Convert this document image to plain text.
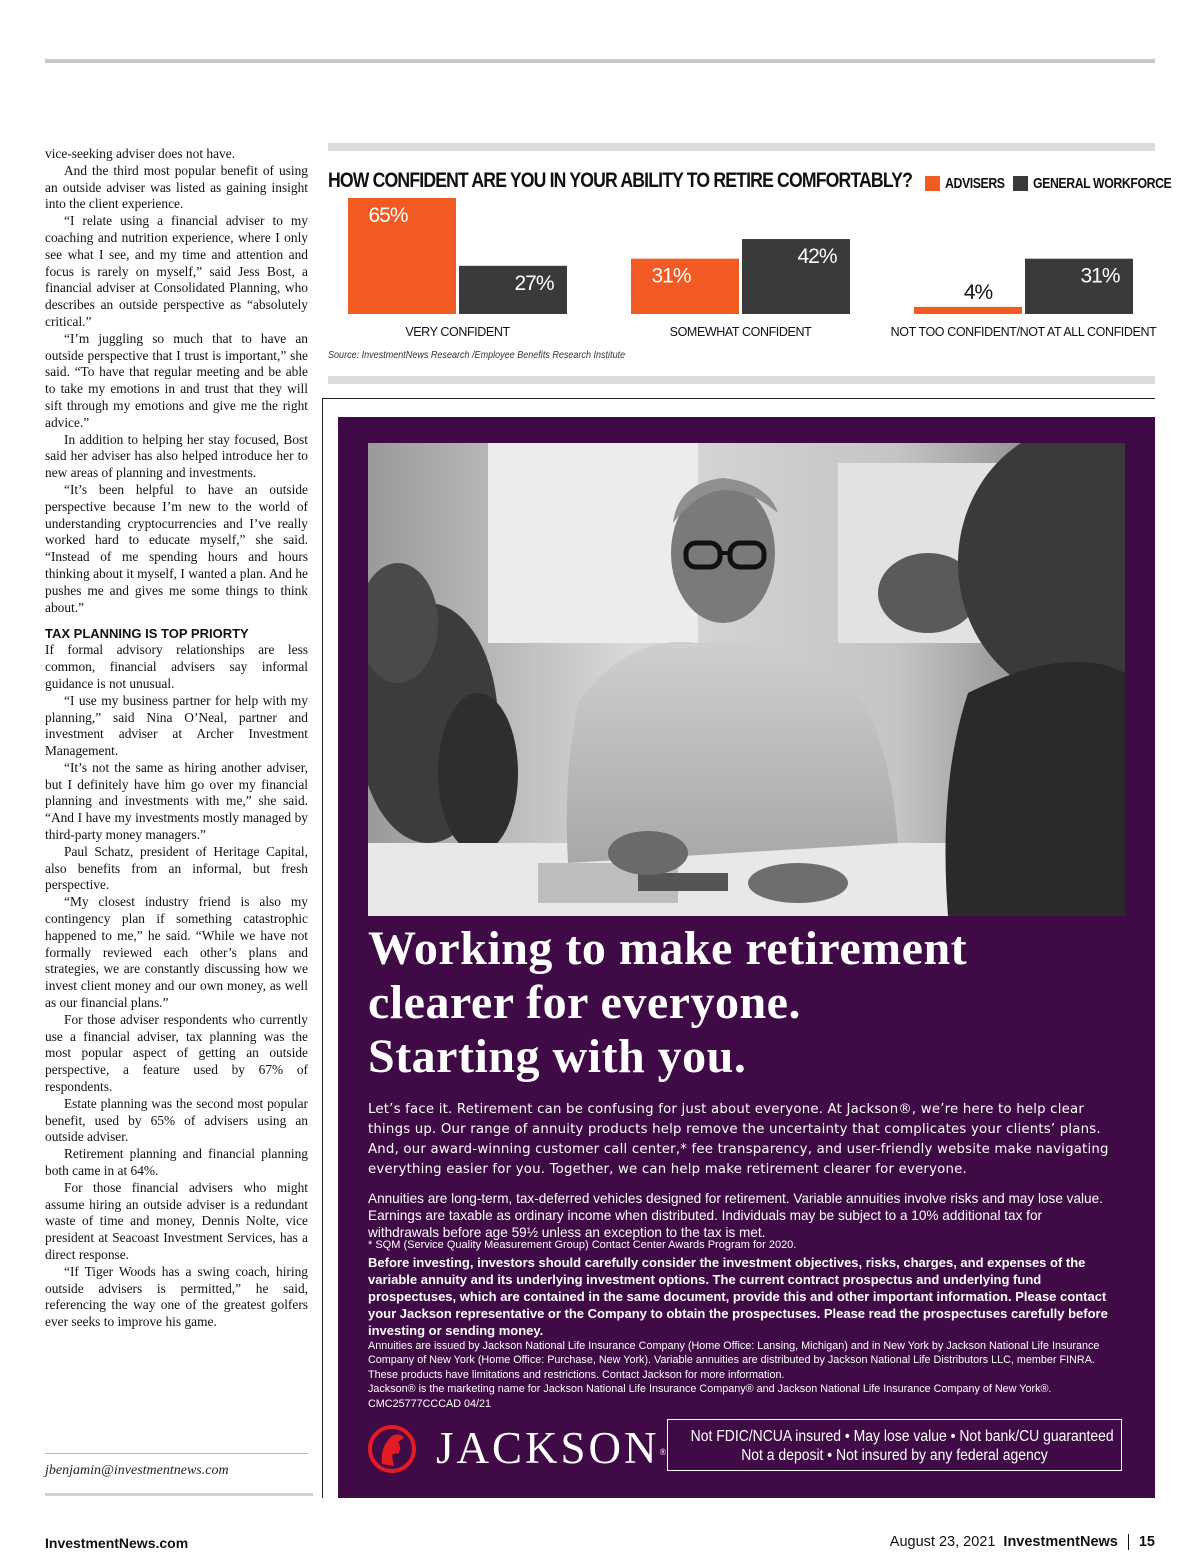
vice-seeking adviser does not have.

And the third most popular benefit of using an outside adviser was listed as gaining insight into the client experience.

“I relate using a financial adviser to my coaching and nutrition experience, where I only see what I see, and my time and attention and focus is rarely on myself,” said Jess Bost, a financial adviser at Consolidated Planning, who describes an outside perspective as “absolutely critical.”

“I’m juggling so much that to have an outside perspective that I trust is important,” she said. “To have that regular meeting and be able to take my emotions in and trust that they will sift through my emotions and give me the right advice.”

In addition to helping her stay focused, Bost said her adviser has also helped introduce her to new areas of planning and investments.

“It’s been helpful to have an outside perspective because I’m new to the world of understanding cryptocurrencies and I’ve really worked hard to educate myself,” she said. “Instead of me spending hours and hours thinking about it myself, I wanted a plan. And he pushes me and gives me some things to think about.”

TAX PLANNING IS TOP PRIORTY

If formal advisory relationships are less common, financial advisers say informal guidance is not unusual.

“I use my business partner for help with my planning,” said Nina O’Neal, partner and investment adviser at Archer Investment Management.

“It’s not the same as hiring another adviser, but I definitely have him go over my financial planning and investments with me,” she said. “And I have my investments mostly managed by third-party money managers.”

Paul Schatz, president of Heritage Capital, also benefits from an informal, but fresh perspective.

“My closest industry friend is also my contingency plan if something catastrophic happened to me,” he said. “While we have not formally reviewed each other’s plans and strategies, we are constantly discussing how we invest client money and our own money, as well as our financial plans.”

For those adviser respondents who currently use a financial adviser, tax planning was the most popular aspect of getting an outside perspective, a feature used by 67% of respondents.

Estate planning was the second most popular benefit, used by 65% of advisers using an outside adviser.

Retirement planning and financial planning both came in at 64%.

For those financial advisers who might assume hiring an outside adviser is a redundant waste of time and money, Dennis Nolte, vice president at Seacoast Investment Services, has a direct response.

“If Tiger Woods has a swing coach, hiring outside advisers is permitted,” he said, referencing the way one of the greatest golfers ever seeks to improve his game.

jbenjamin@investmentnews.com
HOW CONFIDENT ARE YOU IN YOUR ABILITY TO RETIRE COMFORTABLY? ADVISERS GENERAL WORKFORCE
65%
27%
VERY CONFIDENT
31%
42%
SOMEWHAT CONFIDENT
4%
31%
NOT TOO CONFIDENT/NOT AT ALL CONFIDENT
Source: InvestmentNews Research /Employee Benefits Research Institute
Working to make retirement
clearer for everyone.
Starting with you.
Let’s face it. Retirement can be confusing for just about everyone. At Jackson®, we’re here to help clear things up. Our range of annuity products help remove the uncertainty that complicates your clients’ plans. And, our award-winning customer call center,* fee transparency, and user-friendly website make navigating everything easier for you. Together, we can help make retirement clearer for everyone.
Annuities are long-term, tax-deferred vehicles designed for retirement. Variable annuities involve risks and may lose value. Earnings are taxable as ordinary income when distributed. Individuals may be subject to a 10% additional tax for withdrawals before age 59½ unless an exception to the tax is met.
* SQM (Service Quality Measurement Group) Contact Center Awards Program for 2020.
Before investing, investors should carefully consider the investment objectives, risks, charges, and expenses of the variable annuity and its underlying investment options. The current contract prospectus and underlying fund prospectuses, which are contained in the same document, provide this and other important information. Please contact your Jackson representative or the Company to obtain the prospectuses. Please read the prospectuses carefully before investing or sending money.
Annuities are issued by Jackson National Life Insurance Company (Home Office: Lansing, Michigan) and in New York by Jackson National Life Insurance Company of New York (Home Office: Purchase, New York). Variable annuities are distributed by Jackson National Life Distributors LLC, member FINRA.
These products have limitations and restrictions. Contact Jackson for more information.
Jackson® is the marketing name for Jackson National Life Insurance Company® and Jackson National Life Insurance Company of New York®.
CMC25777CCCAD 04/21
JACKSON®
Not FDIC/NCUA insured • May lose value • Not bank/CU guaranteed
Not a deposit • Not insured by any federal agency
InvestmentNews.com	August 23, 2021 InvestmentNews 15
